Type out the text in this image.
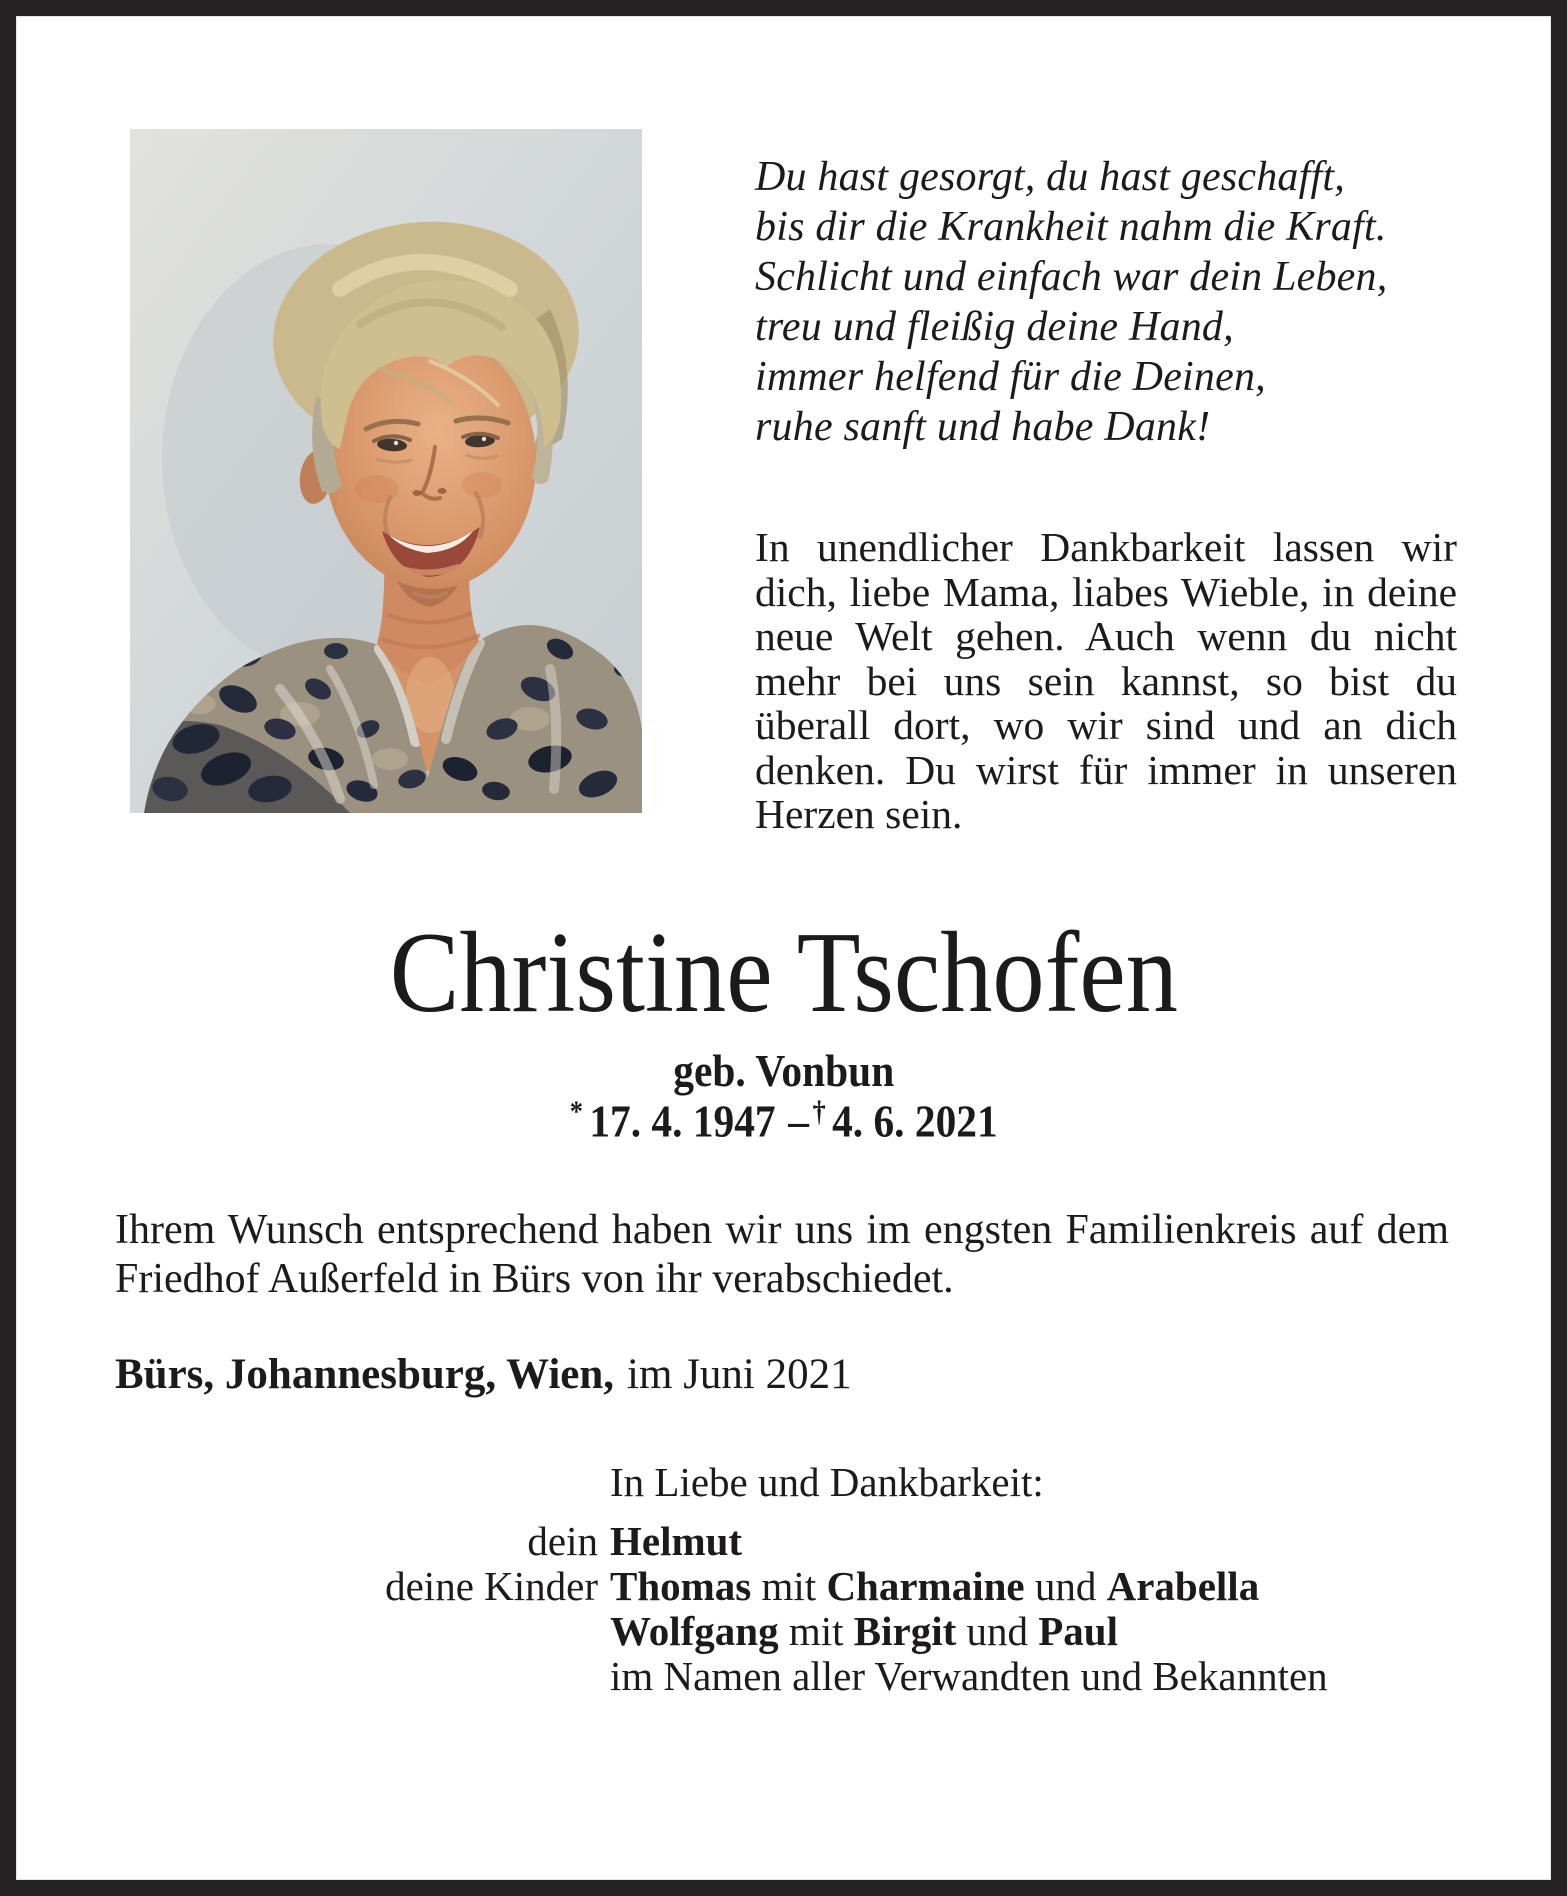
Du hast gesorgt, du hast geschafft,
bis dir die Krankheit nahm die Kraft.
Schlicht und einfach war dein Leben,
treu und fleißig deine Hand,
immer helfend für die Deinen,
ruhe sanft und habe Dank!

In unendlicher Dankbarkeit lassen wir dich, liebe Mama, liabes Wieble, in deine neue Welt gehen. Auch wenn du nicht mehr bei uns sein kannst, so bist du überall dort, wo wir sind und an dich denken. Du wirst für immer in unseren Herzen sein.

Christine Tschofen
geb. Vonbun
* 17. 4. 1947 – † 4. 6. 2021

Ihrem Wunsch entsprechend haben wir uns im engsten Familienkreis auf dem Friedhof Außerfeld in Bürs von ihr verabschiedet.

Bürs, Johannesburg, Wien, im Juni 2021
In Liebe und Dankbarkeit:
dein Helmut
deine Kinder Thomas mit Charmaine und Arabella
Wolfgang mit Birgit und Paul
im Namen aller Verwandten und Bekannten
